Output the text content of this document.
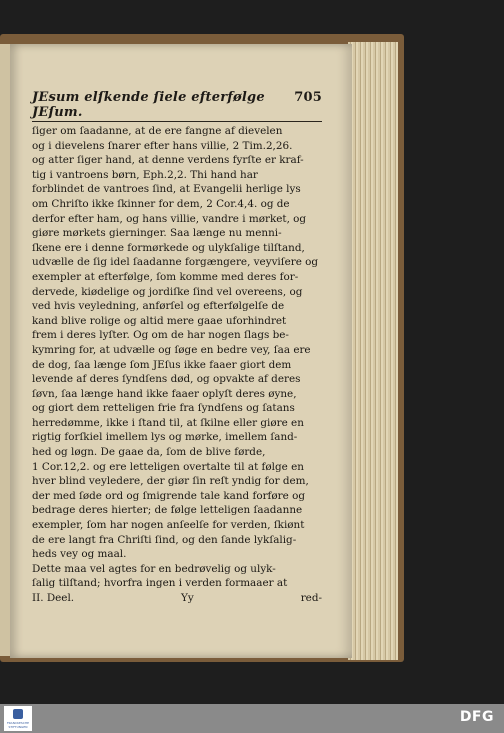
JEsum elſkende ſiele efterfølge JEſum.
705
ſiger om ſaadanne, at de ere fangne af dievelen
og i dievelens ſnarer efter hans villie, 2 Tim.2,26.
og atter ſiger hand, at denne verdens fyrſte er kraf-
tig i vantroens børn, Eph.2,2. Thi hand har
forblindet de vantroes ſind, at Evangelii herlige lys
om Chriſto ikke ſkinner for dem, 2 Cor.4,4. og de
derfor efter ham, og hans villie, vandre i mørket, og
giøre mørkets gierninger. Saa længe nu menni-
ſkene ere i denne formørkede og ulykſalige tilſtand,
udvælle de ſig idel ſaadanne forgængere, veyviſere og
exempler at efterfølge, ſom komme med deres for-
dervede, kiødelige og jordiſke ſind vel overeens, og
ved hvis veyledning, anførſel og efterfølgelſe de
kand blive rolige og altid mere gaae uforhindret
frem i deres lyſter. Og om de har nogen ſlags be-
kymring for, at udvælle og ſøge en bedre vey, ſaa ere
de dog, ſaa længe ſom JEſus ikke faaer giort dem
levende af deres ſyndſens død, og opvakte af deres
ſøvn, ſaa længe hand ikke faaer oplyſt deres øyne,
og giort dem retteligen frie fra ſyndſens og ſatans
herredømme, ikke i ſtand til, at ſkilne eller giøre en
rigtig forſkiel imellem lys og mørke, imellem ſand-
hed og løgn. De gaae da, ſom de blive førde,
1 Cor.12,2. og ere letteligen overtalte til at følge en
hver blind veyledere, der giør ſin reſt yndig for dem,
der med ſøde ord og ſmigrende tale kand forføre og
bedrage deres hierter; de følge letteligen ſaadanne
exempler, ſom har nogen anſeelſe for verden, ſkiønt
de ere langt fra Chriſti ſind, og den ſande lykſalig-
heds vey og maal.
Dette maa vel agtes for en bedrøvelig og ulyk-
ſalig tilſtand; hvorfra ingen i verden formaaer at
II. Deel.	Yy	red-
FRANCKESCHE STIFTUNGEN
DFG
